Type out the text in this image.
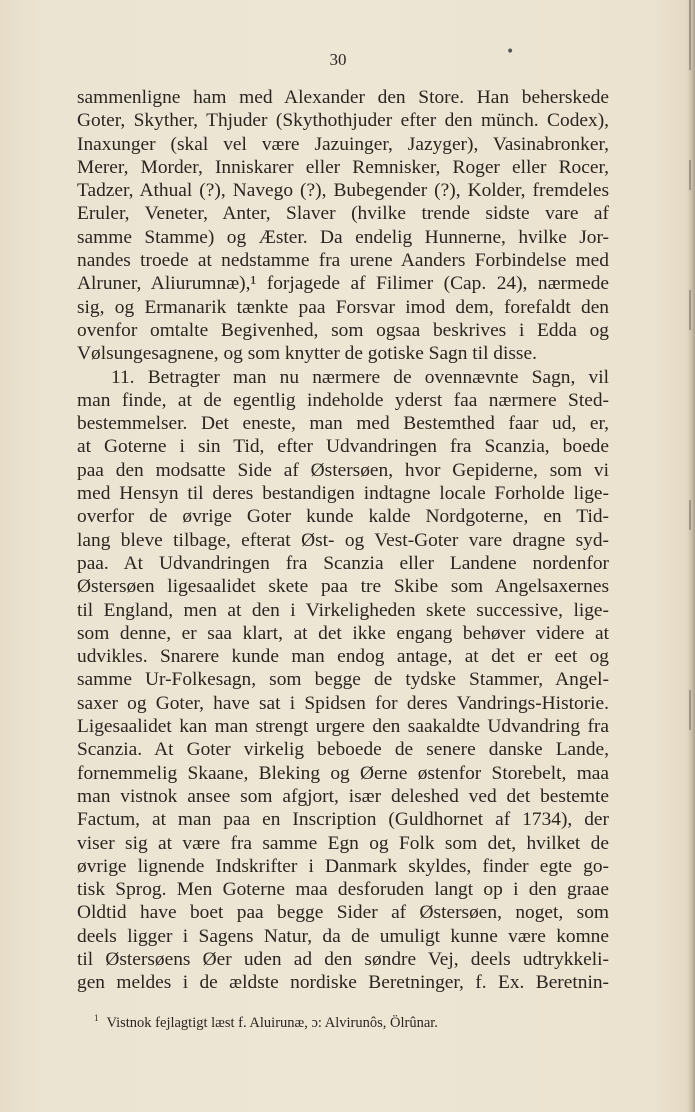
30	•
sammenligne ham med Alexander den Store. Han beherskede
Goter, Skyther, Thjuder (Skythothjuder efter den münch. Codex),
Inaxunger (skal vel være Jazuinger, Jazyger), Vasinabronker,
Merer, Morder, Inniskarer eller Remnisker, Roger eller Rocer,
Tadzer, Athual (?), Navego (?), Bubegender (?), Kolder, fremdeles
Eruler, Veneter, Anter, Slaver (hvilke trende sidste vare af
samme Stamme) og Æster. Da endelig Hunnerne, hvilke Jor-
nandes troede at nedstamme fra urene Aanders Forbindelse med
Alruner, Aliurumnæ),¹ forjagede af Filimer (Cap. 24), nærmede
sig, og Ermanarik tænkte paa Forsvar imod dem, forefaldt den
ovenfor omtalte Begivenhed, som ogsaa beskrives i Edda og
Vølsungesagnene, og som knytter de gotiske Sagn til disse.
11. Betragter man nu nærmere de ovennævnte Sagn, vil
man finde, at de egentlig indeholde yderst faa nærmere Sted-
bestemmelser. Det eneste, man med Bestemthed faar ud, er,
at Goterne i sin Tid, efter Udvandringen fra Scanzia, boede
paa den modsatte Side af Østersøen, hvor Gepiderne, som vi
med Hensyn til deres bestandigen indtagne locale Forholde lige-
overfor de øvrige Goter kunde kalde Nordgoterne, en Tid-
lang bleve tilbage, efterat Øst- og Vest-Goter vare dragne syd-
paa. At Udvandringen fra Scanzia eller Landene nordenfor
Østersøen ligesaalidet skete paa tre Skibe som Angelsaxernes
til England, men at den i Virkeligheden skete successive, lige-
som denne, er saa klart, at det ikke engang behøver videre at
udvikles. Snarere kunde man endog antage, at det er eet og
samme Ur-Folkesagn, som begge de tydske Stammer, Angel-
saxer og Goter, have sat i Spidsen for deres Vandrings-Historie.
Ligesaalidet kan man strengt urgere den saakaldte Udvandring fra
Scanzia. At Goter virkelig beboede de senere danske Lande,
fornemmelig Skaane, Bleking og Øerne østenfor Storebelt, maa
man vistnok ansee som afgjort, især deleshed ved det bestemte
Factum, at man paa en Inscription (Guldhornet af 1734), der
viser sig at være fra samme Egn og Folk som det, hvilket de
øvrige lignende Indskrifter i Danmark skyldes, finder egte go-
tisk Sprog. Men Goterne maa desforuden langt op i den graae
Oldtid have boet paa begge Sider af Østersøen, noget, som
deels ligger i Sagens Natur, da de umuligt kunne være komne
til Østersøens Øer uden ad den søndre Vej, deels udtrykkeli-
gen meldes i de ældste nordiske Beretninger, f. Ex. Beretnin-
$^1$ Vistnok fejlagtigt læst f. Aluirunæ, ɔ: Alvirunôs, Ölrûnar.
